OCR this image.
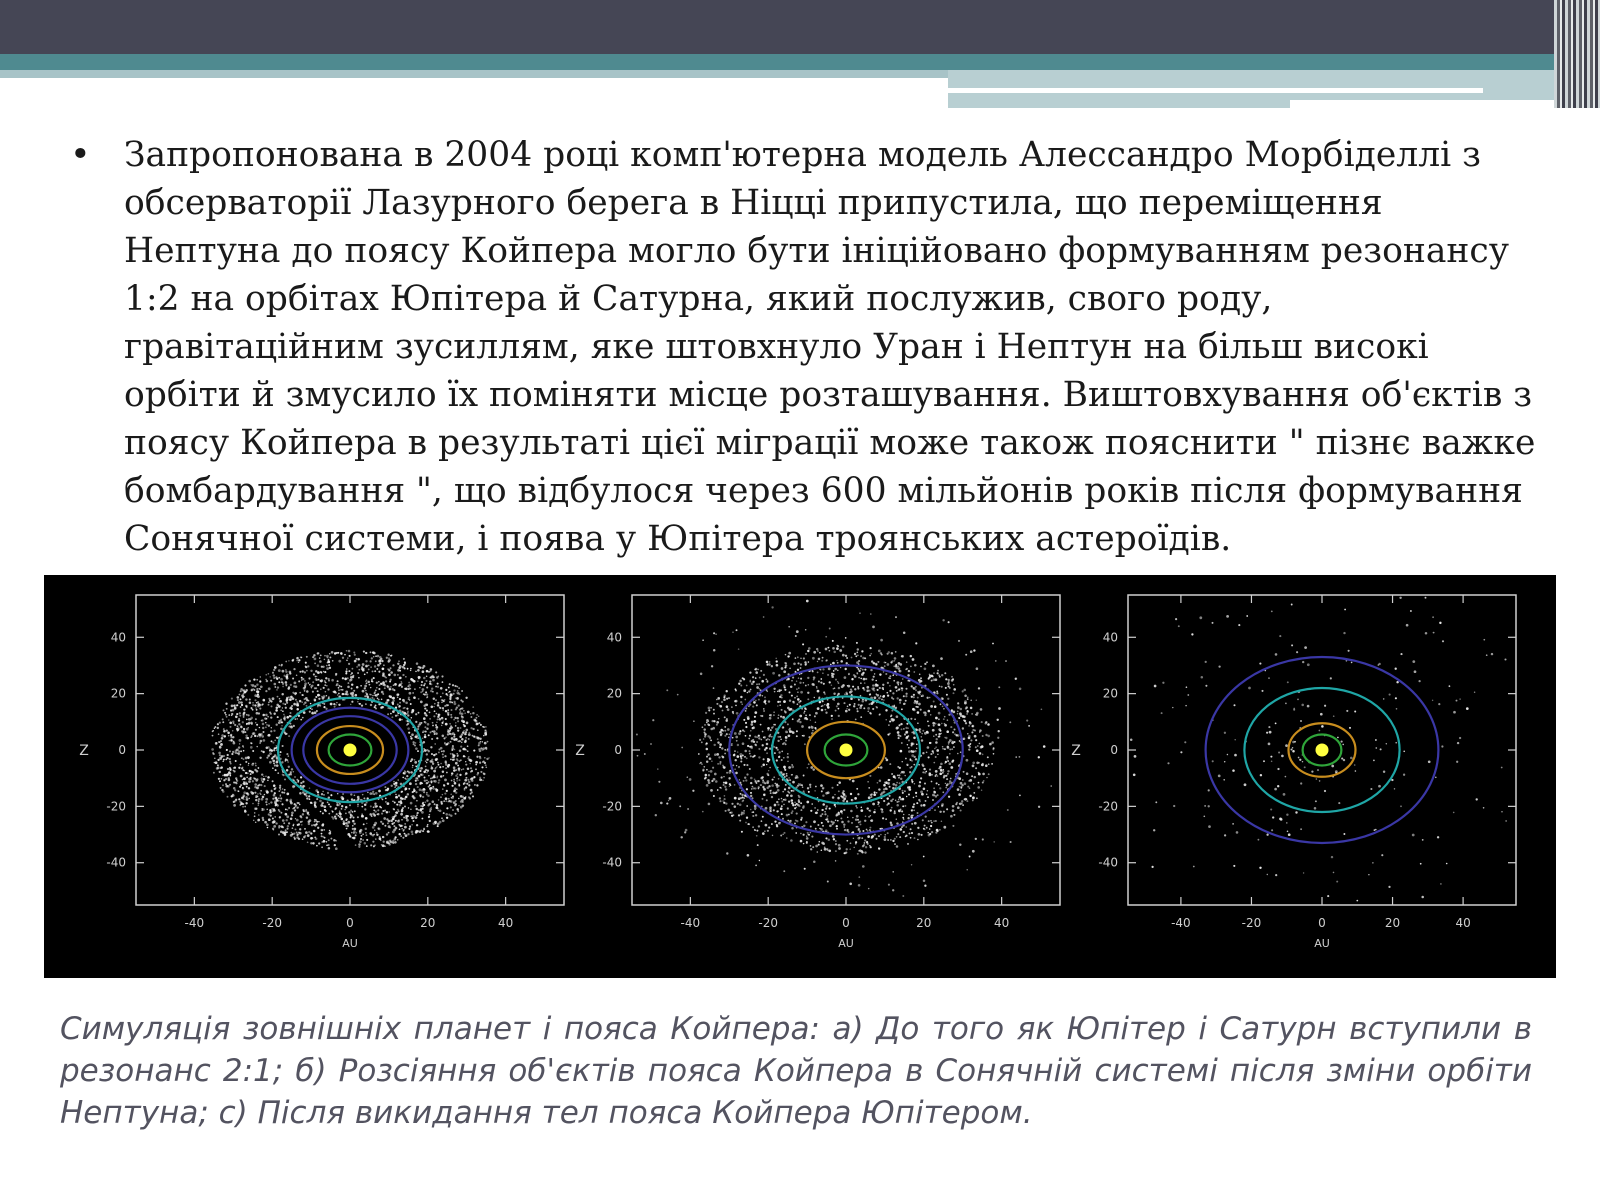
• Запропонована в 2004 році комп'ютерна модель Алессандро Морбіделлі з обсерваторії Лазурного берега в Ніцці припустила, що переміщення Нептуна до поясу Койпера могло бути ініційовано формуванням резонансу 1:2 на орбітах Юпітера й Сатурна, який послужив, свого роду, гравітаційним зусиллям, яке штовхнуло Уран і Нептун на більш високі орбіти й змусило їх поміняти місце розташування. Виштовхування об'єктів з поясу Койпера в результаті цієї міграції може також пояснити " пізнє важке бомбардування ", що відбулося через 600 мільйонів років після формування Сонячної системи, і поява у Юпітера троянських астероїдів.
-40	-20	0	20	40
40
20
0
-20
-40
Z
AU
-40	-20	0	20	40
40
20
0
-20
-40
Z
AU
-40	-20	0	20	40
40
20
0
-20
-40
Z
AU
Симуляція зовнішніх планет і пояса Койпера: а) До того як Юпітер і Сатурн вступили в резонанс 2:1; б) Розсіяння об'єктів пояса Койпера в Сонячній системі після зміни орбіти Нептуна; с) Після викидання тел пояса Койпера Юпітером.
